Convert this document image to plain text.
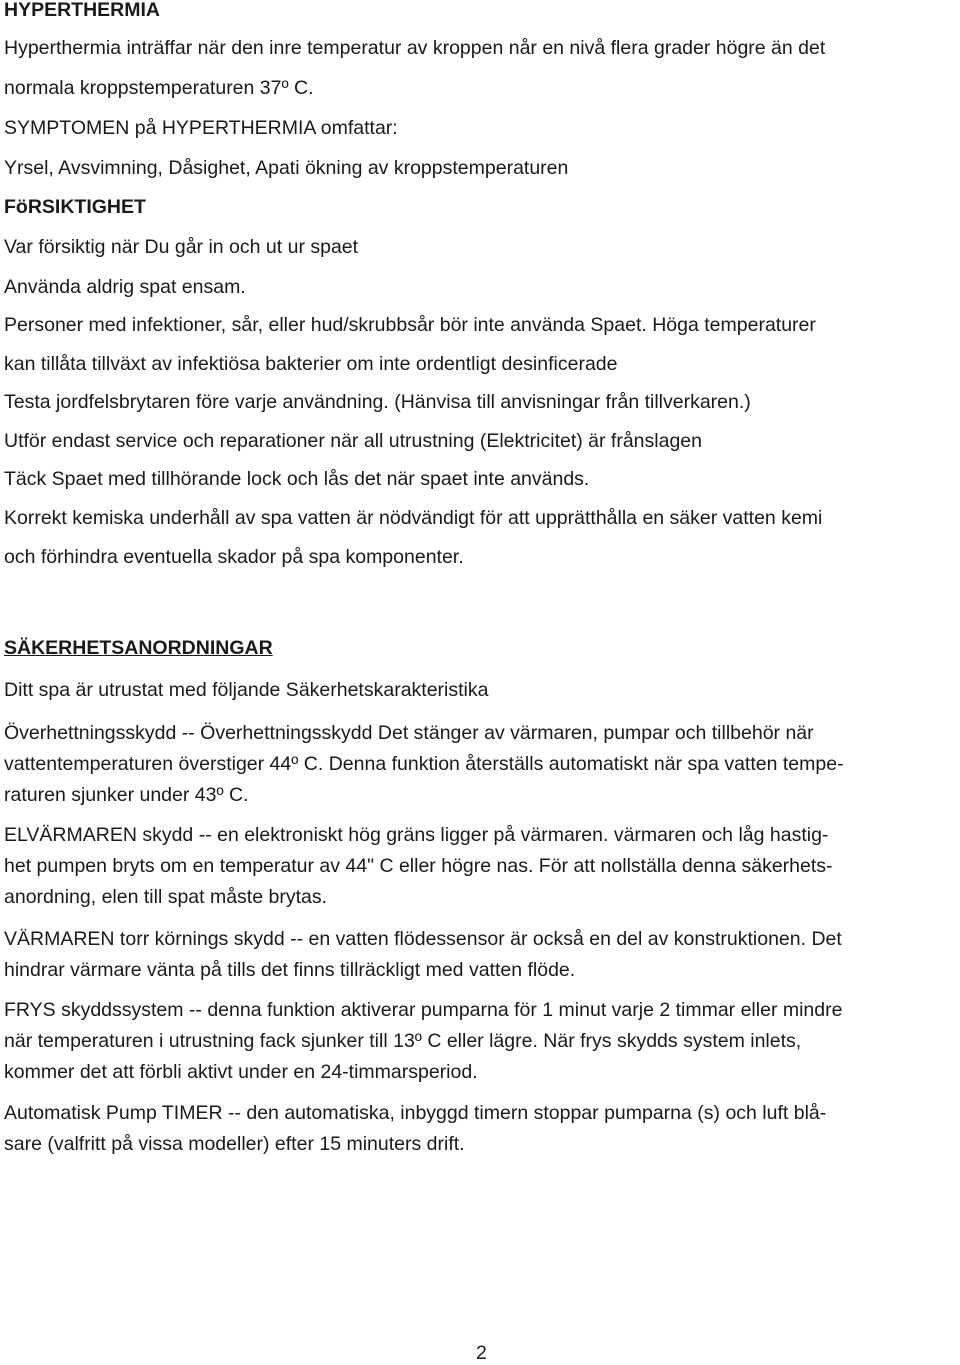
HYPERTHERMIA
Hyperthermia inträffar när den inre temperatur av kroppen når en nivå flera grader högre än det
normala kroppstemperaturen 37º C.
SYMPTOMEN på HYPERTHERMIA omfattar:
Yrsel, Avsvimning, Dåsighet, Apati ökning av kroppstemperaturen
FöRSIKTIGHET
Var försiktig när Du går in och ut ur spaet
Använda aldrig spat ensam.
Personer med infektioner, sår, eller hud/skrubbsår bör inte använda Spaet. Höga temperaturer
kan tillåta tillväxt av infektiösa bakterier om inte ordentligt desinficerade
Testa jordfelsbrytaren före varje användning. (Hänvisa till anvisningar från tillverkaren.)
Utför endast service och reparationer när all utrustning (Elektricitet) är frånslagen
Täck Spaet med tillhörande lock och lås det när spaet inte används.
Korrekt kemiska underhåll av spa vatten är nödvändigt för att upprätthålla en säker vatten kemi
och förhindra eventuella skador på spa komponenter.
SÄKERHETSANORDNINGAR
Ditt spa är utrustat med följande Säkerhetskarakteristika
Överhettningsskydd -- Överhettningsskydd Det stänger av värmaren, pumpar och tillbehör när
vattentemperaturen överstiger 44º C. Denna funktion återställs automatiskt när spa vatten tempe-
raturen sjunker under 43º C.
ELVÄRMAREN skydd -- en elektroniskt hög gräns ligger på värmaren. värmaren och låg hastig-
het pumpen bryts om en temperatur av 44" C eller högre nas. För att nollställa denna säkerhets-
anordning, elen till spat måste brytas.
VÄRMAREN torr körnings skydd -- en vatten flödessensor är också en del av konstruktionen. Det
hindrar värmare vänta på tills det finns tillräckligt med vatten flöde.
FRYS skyddssystem -- denna funktion aktiverar pumparna för 1 minut varje 2 timmar eller mindre
när temperaturen i utrustning fack sjunker till 13º C eller lägre. När frys skydds system inlets,
kommer det att förbli aktivt under en 24-timmarsperiod.
Automatisk Pump TIMER -- den automatiska, inbyggd timern stoppar pumparna (s) och luft blå-
sare (valfritt på vissa modeller) efter 15 minuters drift.
2
